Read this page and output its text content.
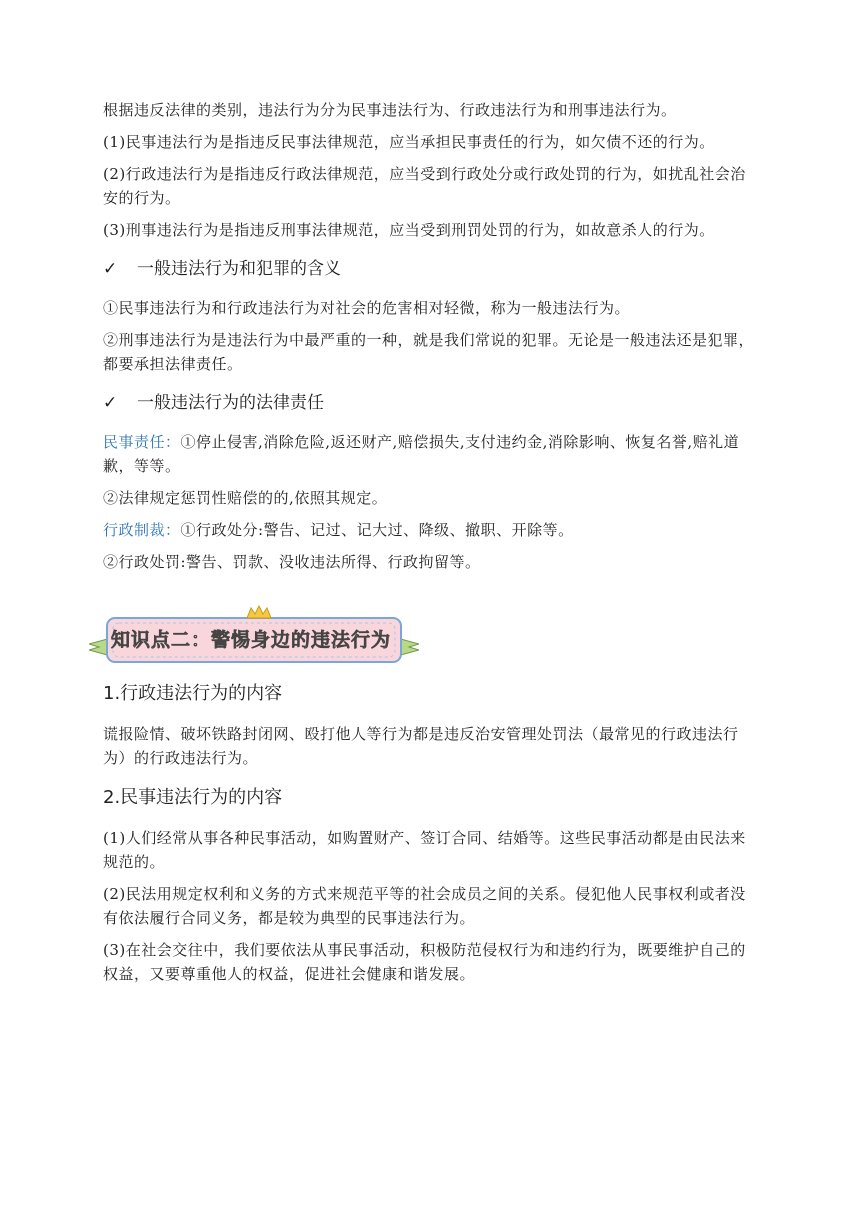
根据违反法律的类别，违法行为分为民事违法行为、行政违法行为和刑事违法行为。

(1)民事违法行为是指违反民事法律规范，应当承担民事责任的行为，如欠债不还的行为。

(2)行政违法行为是指违反行政法律规范，应当受到行政处分或行政处罚的行为，如扰乱社会治安的行为。

(3)刑事违法行为是指违反刑事法律规范，应当受到刑罚处罚的行为，如故意杀人的行为。

✓	一般违法行为和犯罪的含义

①民事违法行为和行政违法行为对社会的危害相对轻微，称为一般违法行为。

②刑事违法行为是违法行为中最严重的一种，就是我们常说的犯罪。无论是一般违法还是犯罪，都要承担法律责任。

✓	一般违法行为的法律责任

民事责任：①停止侵害,消除危险,返还财产,赔偿损失,支付违约金,消除影响、恢复名誉,赔礼道歉，等等。

②法律规定惩罚性赔偿的的,依照其规定。

行政制裁：①行政处分:警告、记过、记大过、降级、撤职、开除等。

②行政处罚:警告、罚款、没收违法所得、行政拘留等。

知识点二：警惕身边的违法行为
1.行政违法行为的内容

谎报险情、破坏铁路封闭网、殴打他人等行为都是违反治安管理处罚法（最常见的行政违法行为）的行政违法行为。

2.民事违法行为的内容

(1)人们经常从事各种民事活动，如购置财产、签订合同、结婚等。这些民事活动都是由民法来规范的。

(2)民法用规定权利和义务的方式来规范平等的社会成员之间的关系。侵犯他人民事权利或者没有依法履行合同义务，都是较为典型的民事违法行为。

(3)在社会交往中，我们要依法从事民事活动，积极防范侵权行为和违约行为，既要维护自己的权益，又要尊重他人的权益，促进社会健康和谐发展。
